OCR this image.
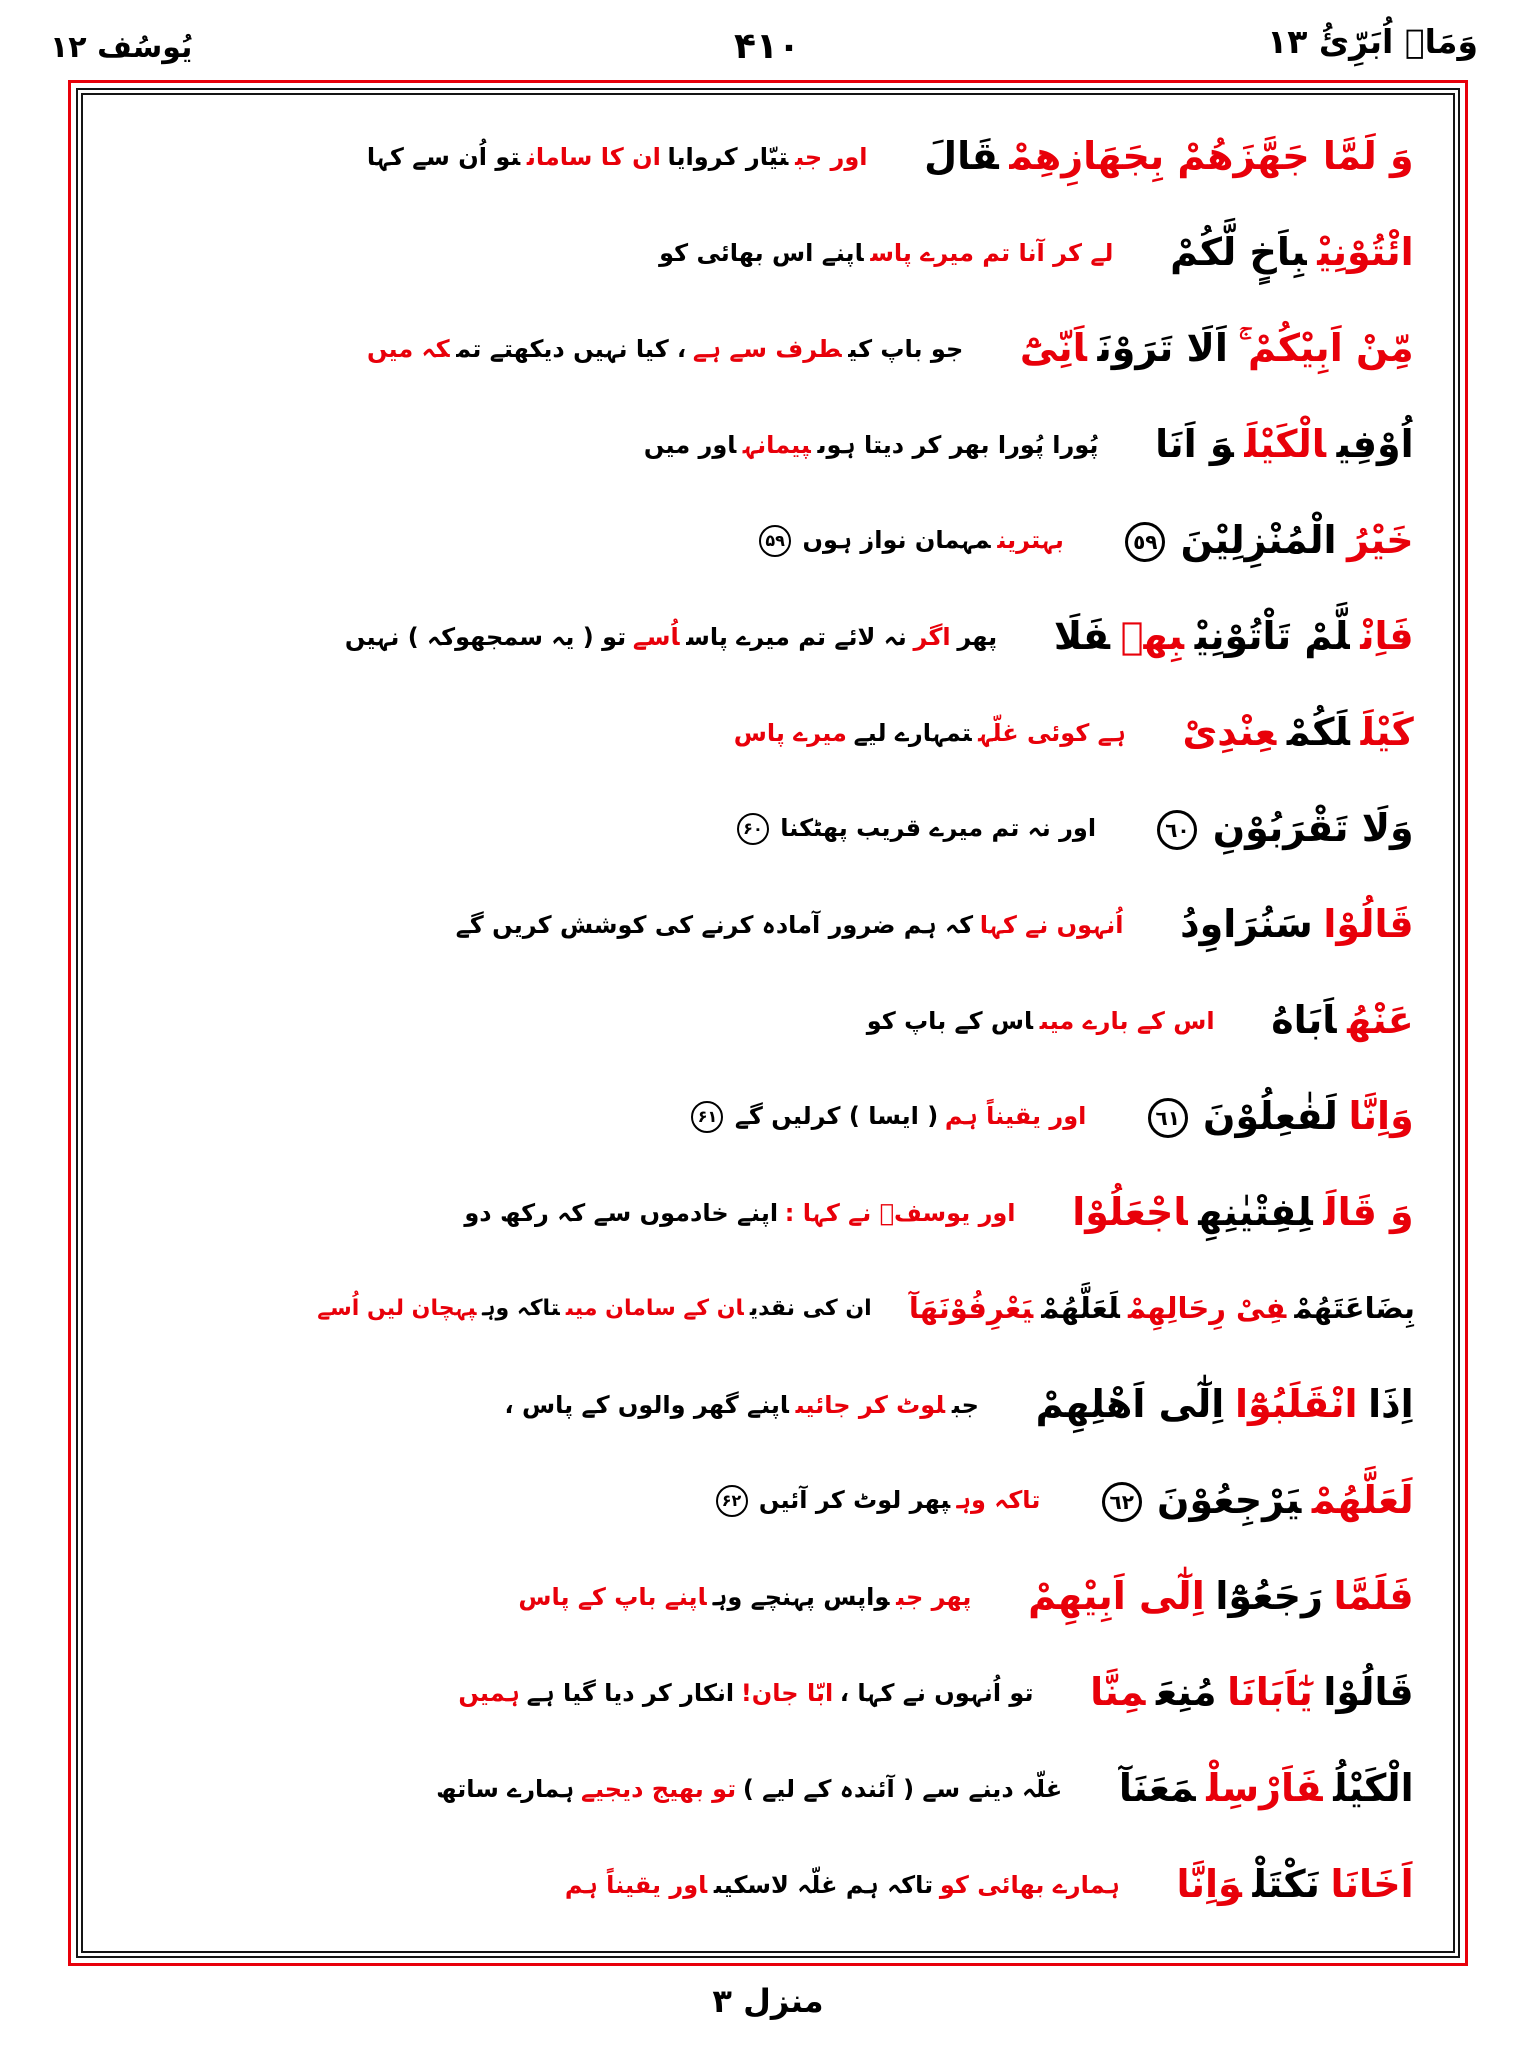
وَمَاۤ اُبَرِّئُ ۱۳
۴۱۰
یُوسُف ۱۲
وَ لَمَّا جَهَّزَهُمْ بِجَهَازِهِمْقَالَ
اور جبتیّار کروایاان کا سامانتو اُن سے کہا
ائْتُوْنِیْبِاَخٍ لَّكُمْ
لے کر آنا تم میرے پاساپنے اس بھائی کو
مِّنْ اَبِیْكُمْ ۚاَلَا تَرَوْنَاَنِّیْٓ
جو باپ کیطرف سے ہے، کیا نہیں دیکھتے تمکہ میں
اُوْفِیالْكَیْلَوَ اَنَا
پُورا پُورا بھر کر دیتا ہوںپیمانہاور میں
خَیْرُالْمُنْزِلِیْنَ٥٩
بہترینمہمان نواز ہوں۵۹
فَاِنْلَّمْ تَاْتُوْنِیْبِهٖفَلَا
پھراگرنہ لائے تم میرے پاساُسےتو ( یہ سمجھوکہ ) نہیں
كَیْلَلَكُمْعِنْدِیْ
ہے کوئی غلّہتمہارے لیےمیرے پاس
وَلَا تَقْرَبُوْنِ٦٠
اور نہ تم میرے قریب پھٹکنا۶۰
قَالُوْاسَنُرَاوِدُ
اُنہوں نے کہاکہ ہم ضرور آمادہ کرنے کی کوشش کریں گے
عَنْهُاَبَاهُ
اس کے بارے میںاس کے باپ کو
وَاِنَّالَفٰعِلُوْنَ٦١
اور یقیناً ہم( ایسا ) کرلیں گے۶۱
وَ قَالَلِفِتْیٰنِهِاجْعَلُوْا
اور یوسفؑ نے کہا :اپنے خادموں سے کہ رکھ دو
بِضَاعَتَهُمْفِیْ رِحَالِهِمْلَعَلَّهُمْیَعْرِفُوْنَهَآ
ان کی نقدیان کے سامان میںتاکہ وہپہچان لیں اُسے
اِذَاانْقَلَبُوْٓااِلٰٓی اَهْلِهِمْ
جبلوٹ کر جائیںاپنے گھر والوں کے پاس ،
لَعَلَّهُمْیَرْجِعُوْنَ٦٢
تاکہ وہپھر لوٹ کر آئیں۶۲
فَلَمَّارَجَعُوْٓااِلٰٓی اَبِیْهِمْ
پھر جبواپس پہنچے وہاپنے باپ کے پاس
قَالُوْایٰٓاَبَانَامُنِعَمِنَّا
تو اُنہوں نے کہا ،ابّا جان!انکار کر دیا گیا ہےہمیں
الْكَیْلُفَاَرْسِلْمَعَنَآ
غلّہ دینے سے ( آئندہ کے لیے )تو بھیج دیجیےہمارے ساتھ
اَخَانَانَكْتَلْوَاِنَّا
ہمارے بھائی کوتاکہ ہم غلّہ لاسکیںاور یقیناً ہم
منزل ۳
